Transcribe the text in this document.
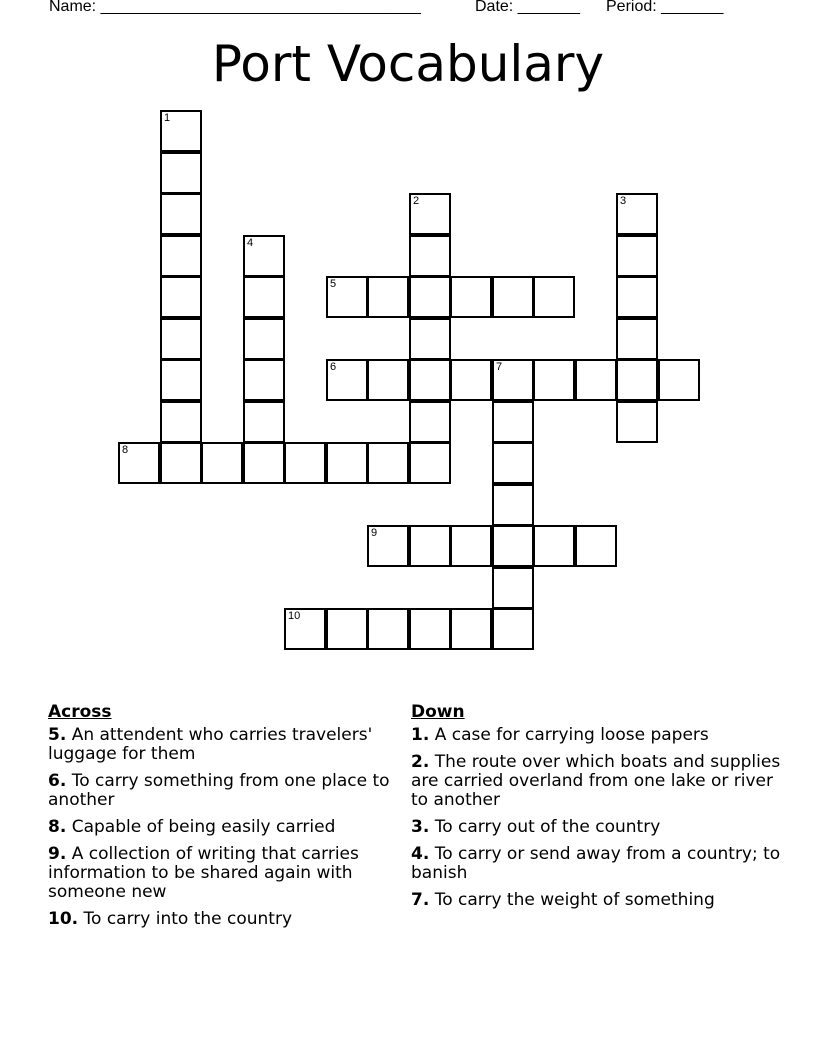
Name: ____________________________________	Date: _______ Period: _______
Port Vocabulary
1
2	3
4
5
6	7
8
9
10
Across
5. An attendent who carries travelers' luggage for them
6. To carry something from one place to another
8. Capable of being easily carried
9. A collection of writing that carries information to be shared again with someone new
10. To carry into the country
Down
1. A case for carrying loose papers
2. The route over which boats and supplies are carried overland from one lake or river to another
3. To carry out of the country
4. To carry or send away from a country; to banish
7. To carry the weight of something
